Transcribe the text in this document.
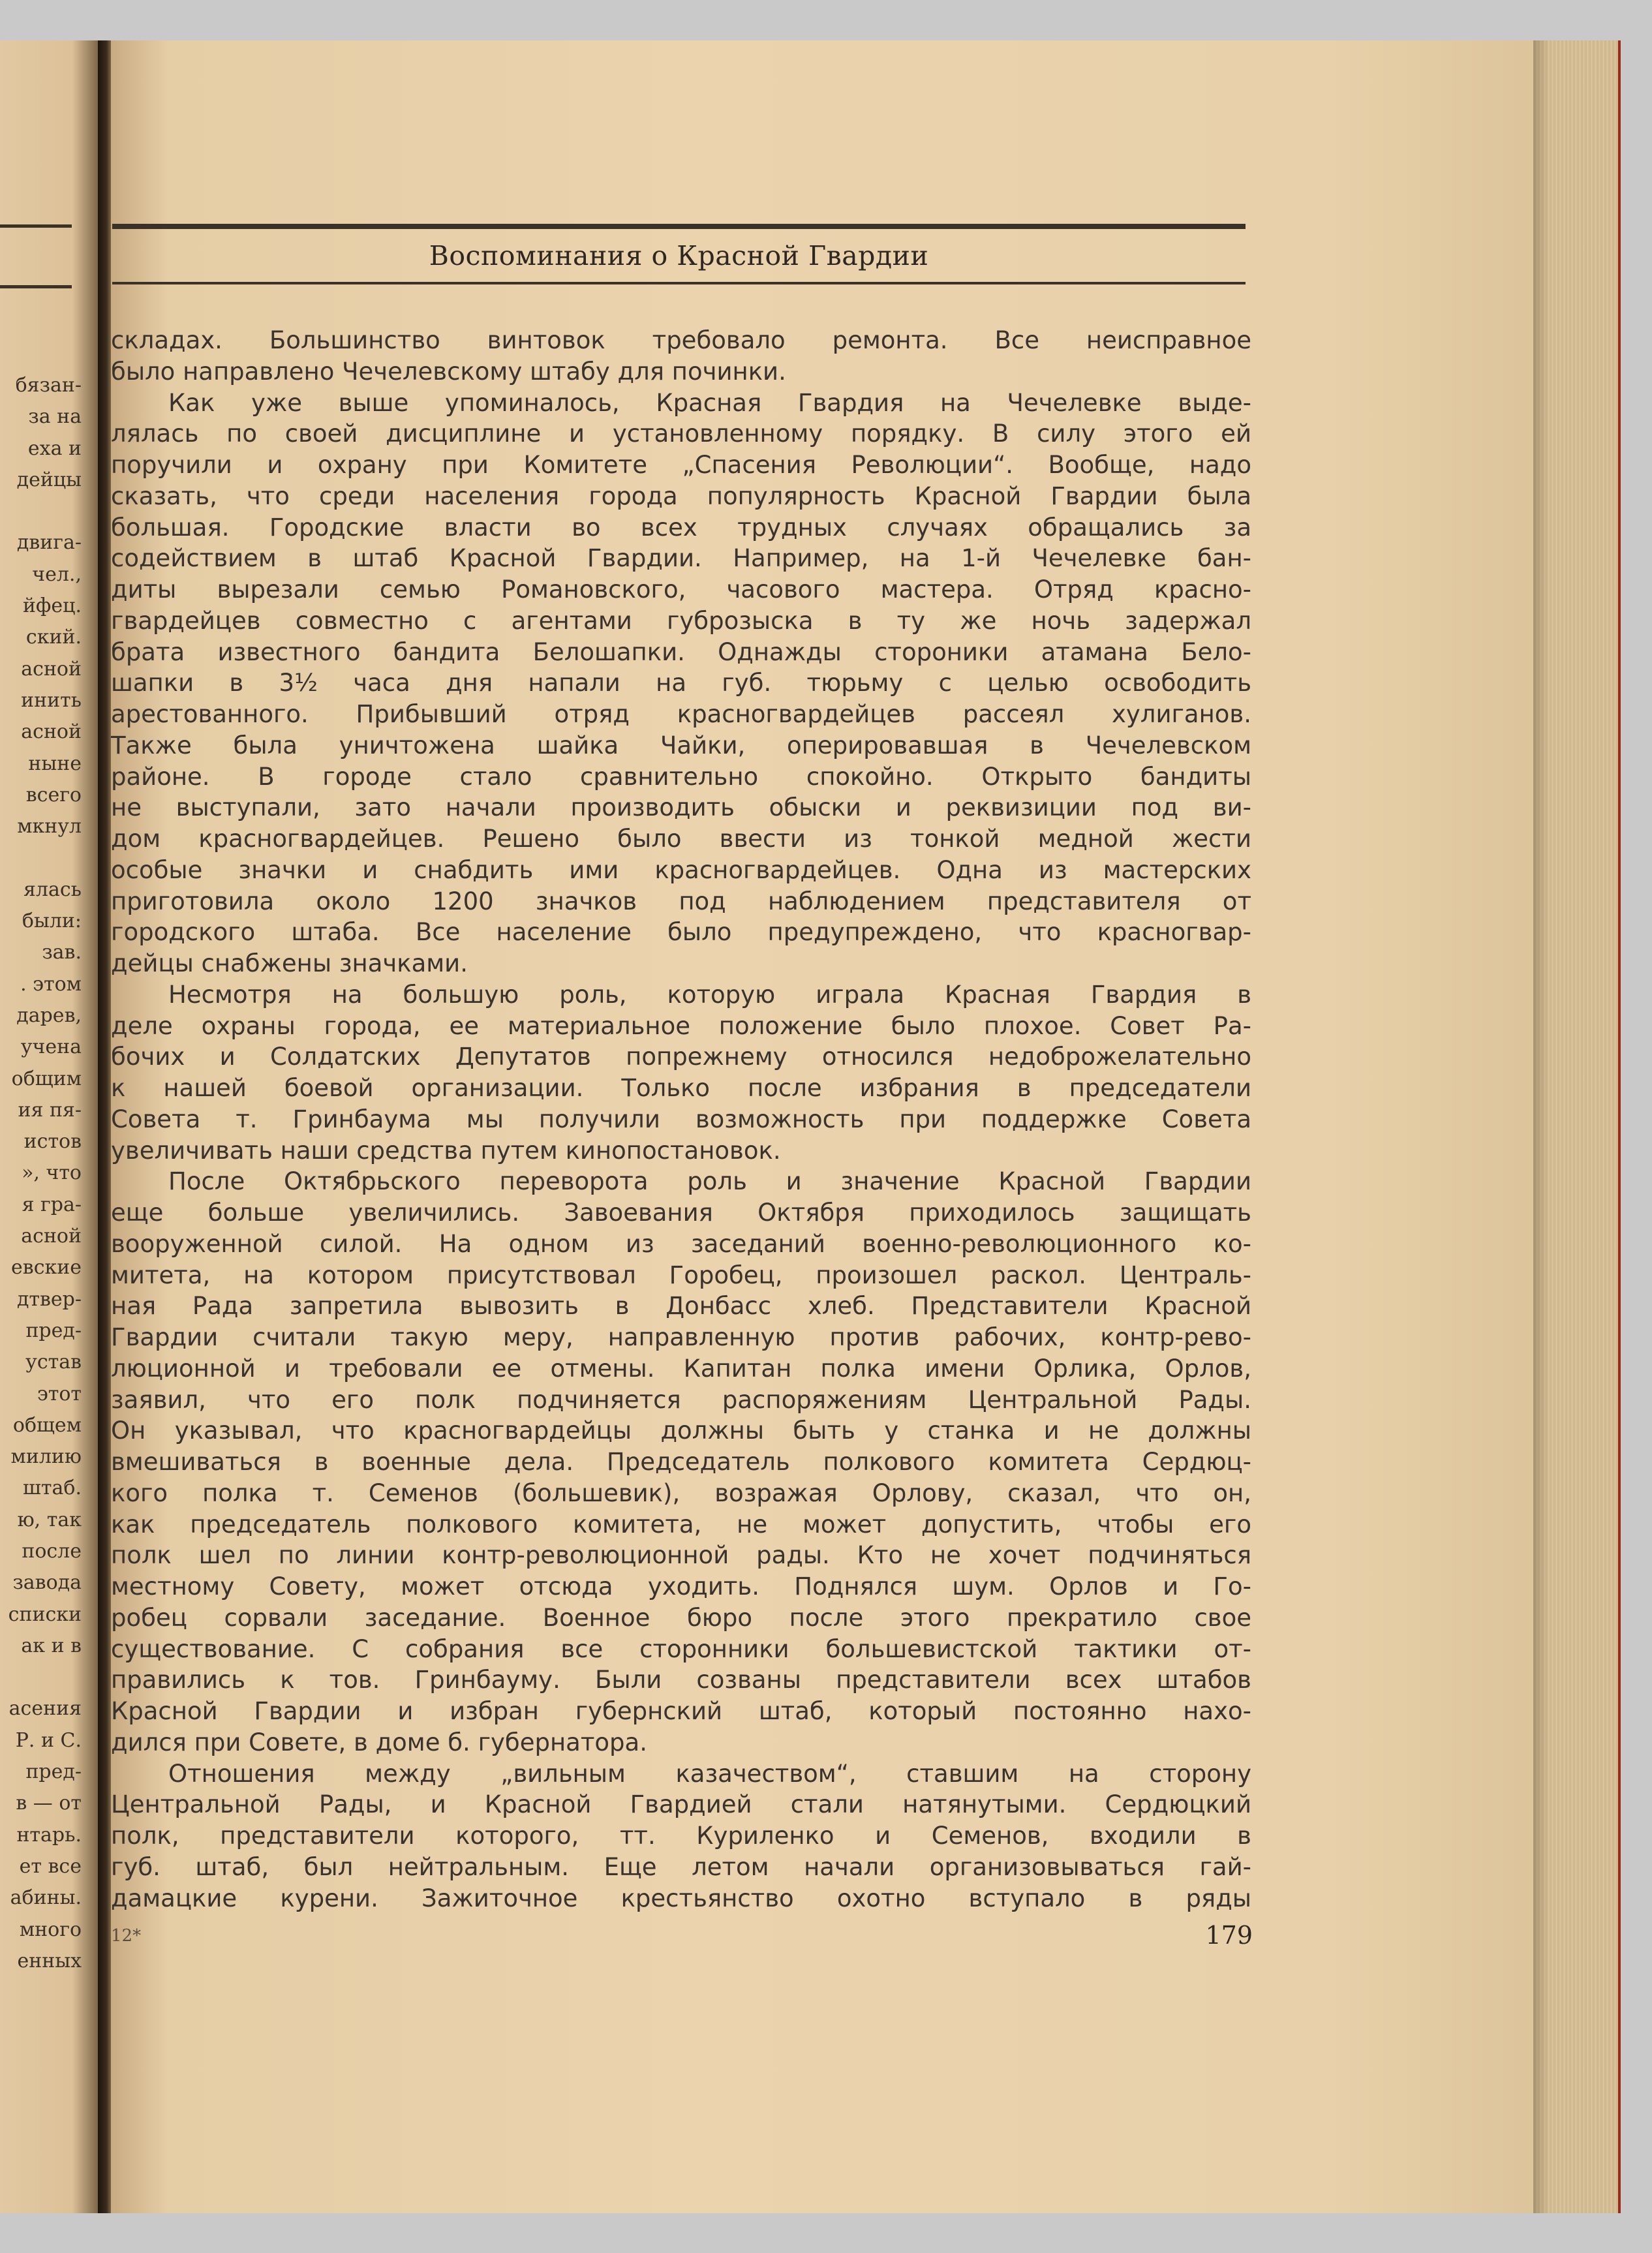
бязан-
за на
еха и
дейцы
двига-
чел.,
йфец.
ский.
асной
инить
асной
ныне
всего
мкнул
ялась
были:
зав.
. этом
дарев,
учена
общим
ия пя-
истов
», что
я гра-
асной
евские
дтвер-
пред-
устав
этот
общем
милию
штаб.
ю, так
после
завода
списки
ак и в
асения
Р. и С.
пред-
в — от
нтарь.
ет все
абины.
много
енных
Воспоминания о Красной Гвардии
складах. Большинство винтовок требовало ремонта. Все неисправное
было направлено Чечелевскому штабу для починки.
Как уже выше упоминалось, Красная Гвардия на Чечелевке выде-
лялась по своей дисциплине и установленному порядку. В силу этого ей
поручили и охрану при Комитете „Спасения Революции“. Вообще, надо
сказать, что среди населения города популярность Красной Гвардии была
большая. Городские власти во всех трудных случаях обращались за
содействием в штаб Красной Гвардии. Например, на 1-й Чечелевке бан-
диты вырезали семью Романовского, часового мастера. Отряд красно-
гвардейцев совместно с агентами губрозыска в ту же ночь задержал
брата известного бандита Белошапки. Однажды стороники атамана Бело-
шапки в 3½ часа дня напали на губ. тюрьму с целью освободить
арестованного. Прибывший отряд красногвардейцев рассеял хулиганов.
Также была уничтожена шайка Чайки, оперировавшая в Чечелевском
районе. В городе стало сравнительно спокойно. Открыто бандиты
не выступали, зато начали производить обыски и реквизиции под ви-
дом красногвардейцев. Решено было ввести из тонкой медной жести
особые значки и снабдить ими красногвардейцев. Одна из мастерских
приготовила около 1200 значков под наблюдением представителя от
городского штаба. Все население было предупреждено, что красногвар-
дейцы снабжены значками.
Несмотря на большую роль, которую играла Красная Гвардия в
деле охраны города, ее материальное положение было плохое. Совет Ра-
бочих и Солдатских Депутатов попрежнему относился недоброжелательно
к нашей боевой организации. Только после избрания в председатели
Совета т. Гринбаума мы получили возможность при поддержке Совета
увеличивать наши средства путем кинопостановок.
После Октябрьского переворота роль и значение Красной Гвардии
еще больше увеличились. Завоевания Октября приходилось защищать
вооруженной силой. На одном из заседаний военно-революционного ко-
митета, на котором присутствовал Горобец, произошел раскол. Централь-
ная Рада запретила вывозить в Донбасс хлеб. Представители Красной
Гвардии считали такую меру, направленную против рабочих, контр-рево-
люционной и требовали ее отмены. Капитан полка имени Орлика, Орлов,
заявил, что его полк подчиняется распоряжениям Центральной Рады.
Он указывал, что красногвардейцы должны быть у станка и не должны
вмешиваться в военные дела. Председатель полкового комитета Сердюц-
кого полка т. Семенов (большевик), возражая Орлову, сказал, что он,
как председатель полкового комитета, не может допустить, чтобы его
полк шел по линии контр-революционной рады. Кто не хочет подчиняться
местному Совету, может отсюда уходить. Поднялся шум. Орлов и Го-
робец сорвали заседание. Военное бюро после этого прекратило свое
существование. С собрания все сторонники большевистской тактики от-
правились к тов. Гринбауму. Были созваны представители всех штабов
Красной Гвардии и избран губернский штаб, который постоянно нахо-
дился при Совете, в доме б. губернатора.
Отношения между „вильным казачеством“, ставшим на сторону
Центральной Рады, и Красной Гвардией стали натянутыми. Сердюцкий
полк, представители которого, тт. Куриленко и Семенов, входили в
губ. штаб, был нейтральным. Еще летом начали организовываться гай-
дамацкие курени. Зажиточное крестьянство охотно вступало в ряды
12*	179
